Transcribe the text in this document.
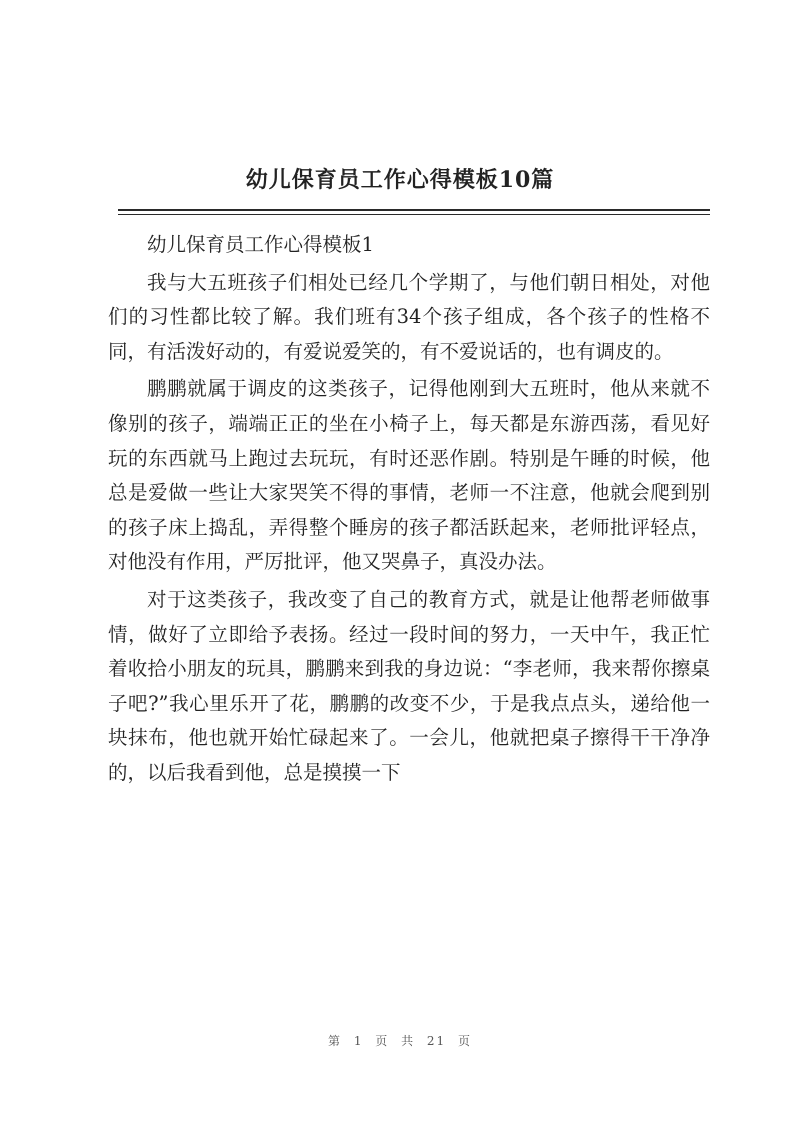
幼儿保育员工作心得模板10篇

幼儿保育员工作心得模板1

我与大五班孩子们相处已经几个学期了，与他们朝日相处，对他们的习性都比较了解。我们班有34个孩子组成，各个孩子的性格不同，有活泼好动的，有爱说爱笑的，有不爱说话的，也有调皮的。

鹏鹏就属于调皮的这类孩子，记得他刚到大五班时，他从来就不像别的孩子，端端正正的坐在小椅子上，每天都是东游西荡，看见好玩的东西就马上跑过去玩玩，有时还恶作剧。特别是午睡的时候，他总是爱做一些让大家哭笑不得的事情，老师一不注意，他就会爬到别的孩子床上捣乱，弄得整个睡房的孩子都活跃起来，老师批评轻点，对他没有作用，严厉批评，他又哭鼻子，真没办法。

对于这类孩子，我改变了自己的教育方式，就是让他帮老师做事情，做好了立即给予表扬。经过一段时间的努力，一天中午，我正忙着收拾小朋友的玩具，鹏鹏来到我的身边说：“李老师，我来帮你擦桌子吧?”我心里乐开了花，鹏鹏的改变不少，于是我点点头，递给他一块抹布，他也就开始忙碌起来了。一会儿，他就把桌子擦得干干净净的，以后我看到他，总是摸摸一下

第 1 页 共 21 页
